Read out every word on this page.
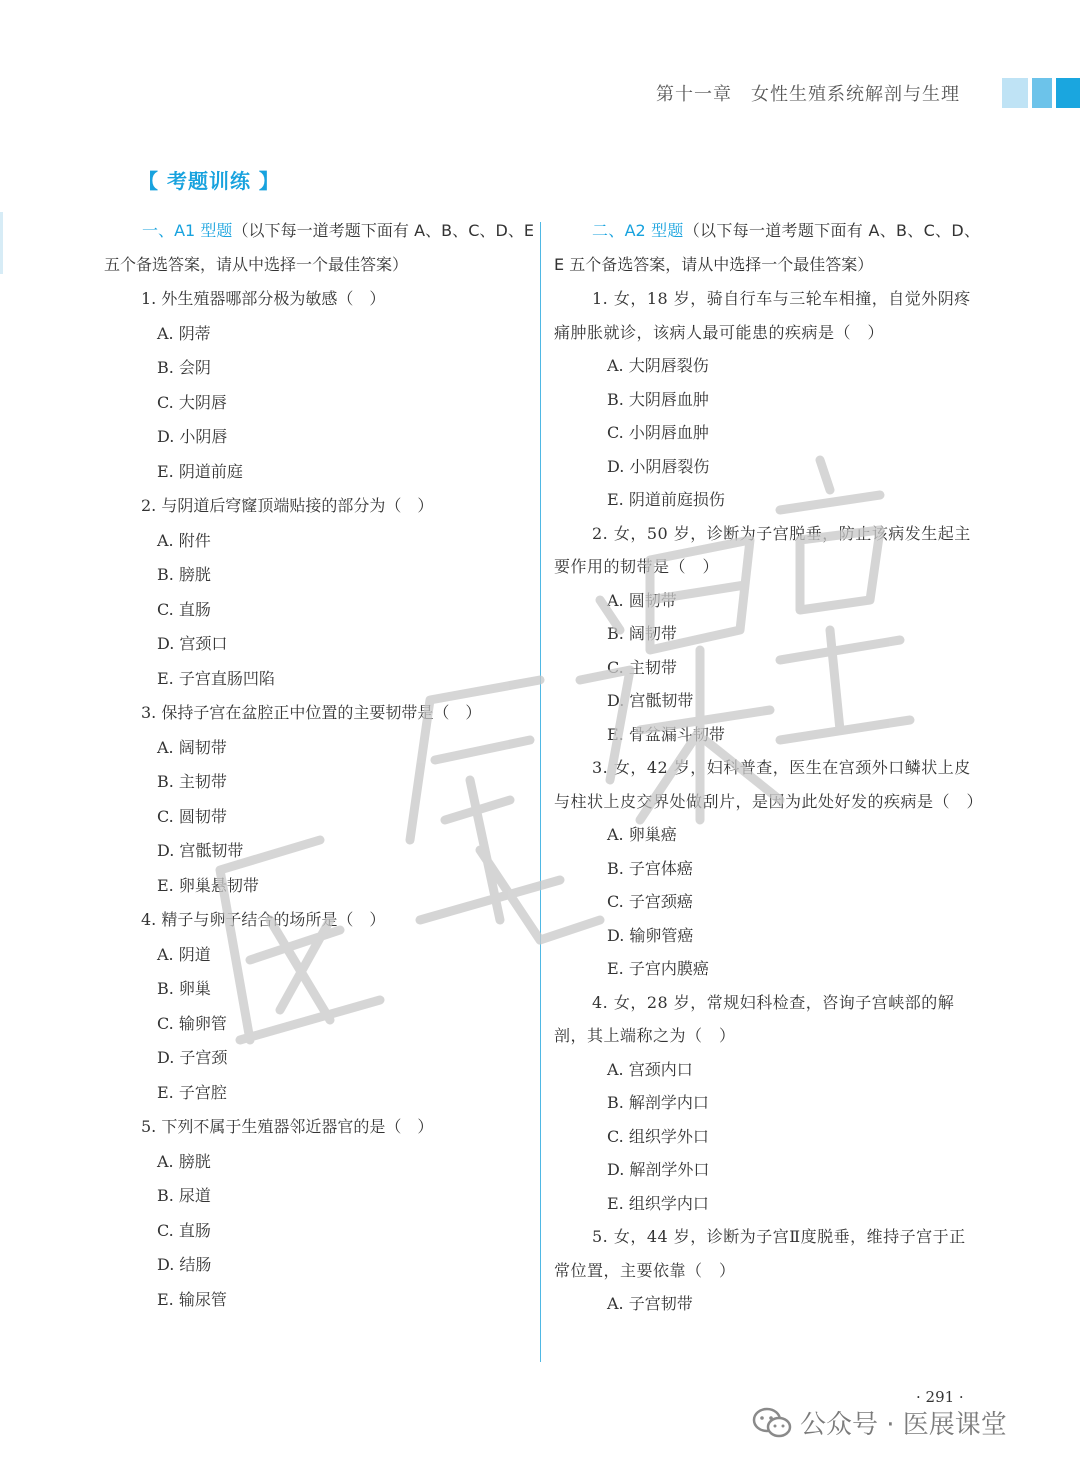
第十一章　女性生殖系统解剖与生理
【 考题训练 】

一、A1 型题（以下每一道考题下面有 A、B、C、D、E 五个备选答案，请从中选择一个最佳答案）

1. 外生殖器哪部分极为敏感（　）

A. 阴蒂

B. 会阴

C. 大阴唇

D. 小阴唇

E. 阴道前庭

2. 与阴道后穹窿顶端贴接的部分为（　）

A. 附件

B. 膀胱

C. 直肠

D. 宫颈口

E. 子宫直肠凹陷

3. 保持子宫在盆腔正中位置的主要韧带是（　）

A. 阔韧带

B. 主韧带

C. 圆韧带

D. 宫骶韧带

E. 卵巢悬韧带

4. 精子与卵子结合的场所是（　）

A. 阴道

B. 卵巢

C. 输卵管

D. 子宫颈

E. 子宫腔

5. 下列不属于生殖器邻近器官的是（　）

A. 膀胱

B. 尿道

C. 直肠

D. 结肠

E. 输尿管

二、A2 型题（以下每一道考题下面有 A、B、C、D、E 五个备选答案，请从中选择一个最佳答案）

1. 女，18 岁，骑自行车与三轮车相撞，自觉外阴疼痛肿胀就诊，该病人最可能患的疾病是（　）

A. 大阴唇裂伤

B. 大阴唇血肿

C. 小阴唇血肿

D. 小阴唇裂伤

E. 阴道前庭损伤

2. 女，50 岁，诊断为子宫脱垂，防止该病发生起主要作用的韧带是（　）

A. 圆韧带

B. 阔韧带

C. 主韧带

D. 宫骶韧带

E. 骨盆漏斗韧带

3. 女，42 岁，妇科普查，医生在宫颈外口鳞状上皮与柱状上皮交界处做刮片，是因为此处好发的疾病是（　）

A. 卵巢癌

B. 子宫体癌

C. 子宫颈癌

D. 输卵管癌

E. 子宫内膜癌

4. 女，28 岁，常规妇科检查，咨询子宫峡部的解剖，其上端称之为（　）

A. 宫颈内口

B. 解剖学内口

C. 组织学外口

D. 解剖学外口

E. 组织学内口

5. 女，44 岁，诊断为子宫Ⅱ度脱垂，维持子宫于正常位置，主要依靠（　）

A. 子宫韧带

· 291 ·
公众号 · 医展课堂
